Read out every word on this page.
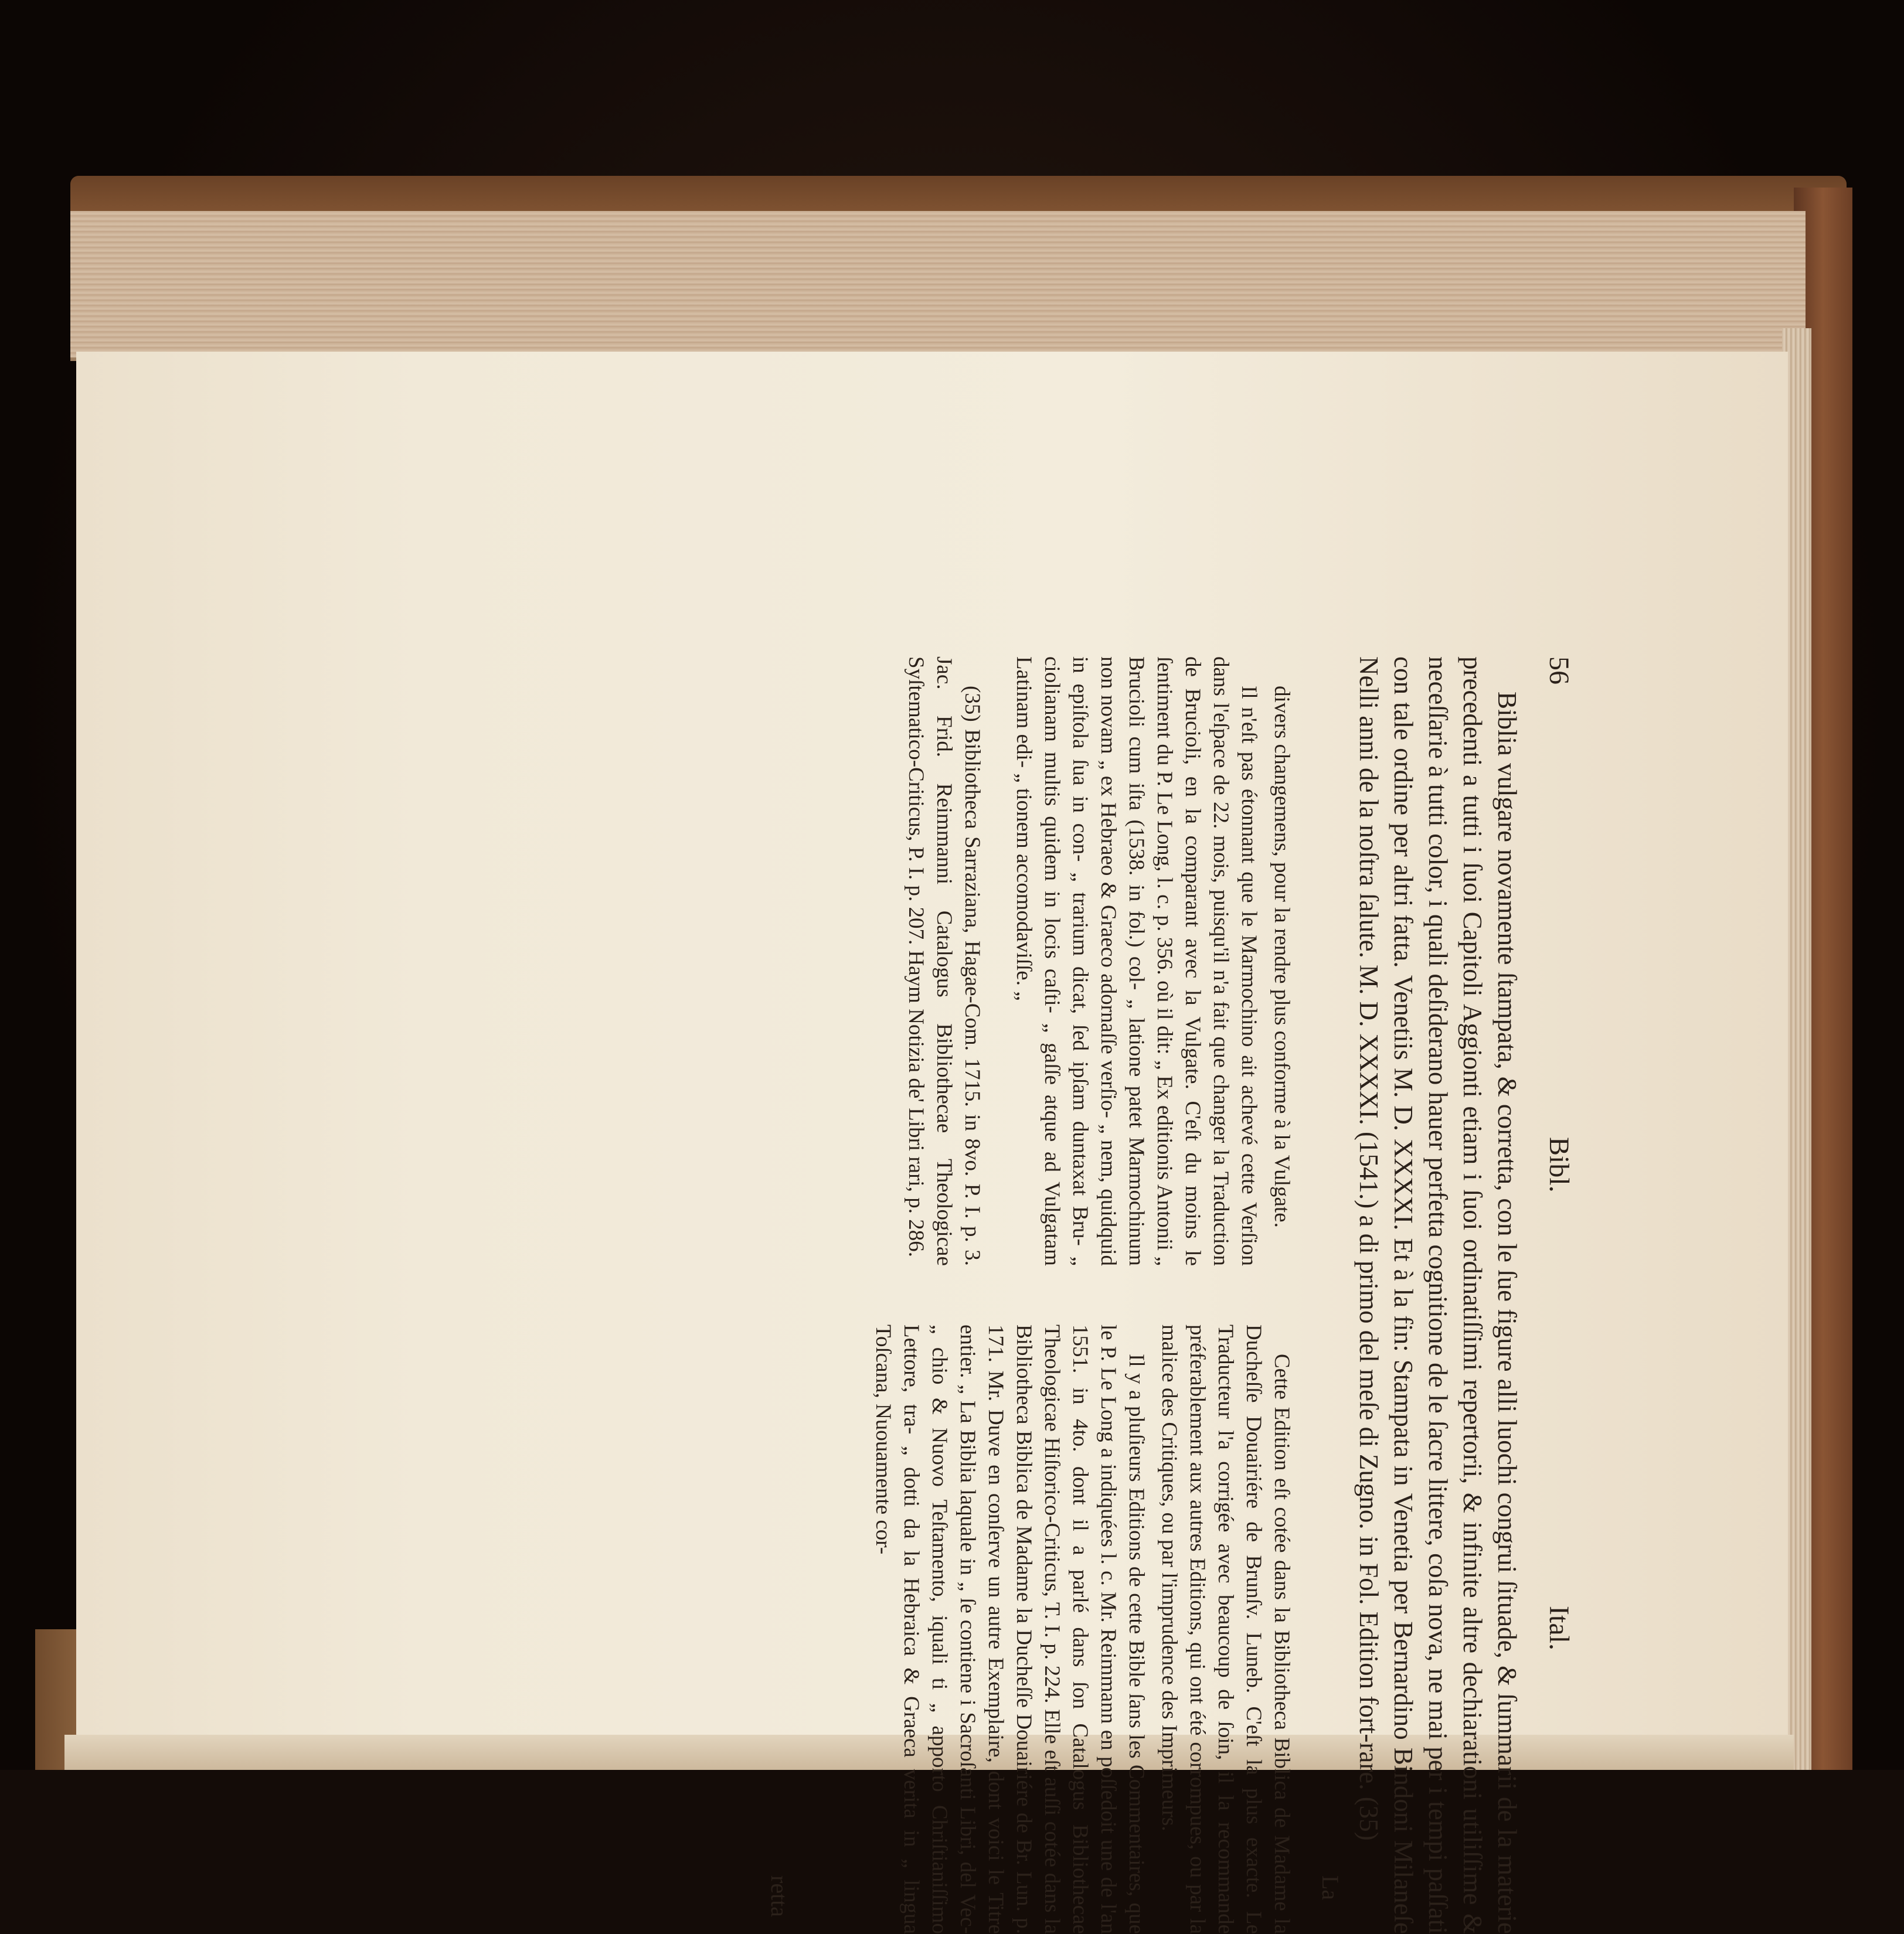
56
Bibl.
Ital.

Biblia vulgare novamente ſtampata, & corretta, con le ſue figure alli luochi congrui ſituade, & ſummarii de la materie precedenti a tutti i ſuoi Capitoli Aggionti etiam i ſuoi ordinatiſſimi repertorii, & infinite altre dechiarationi utiliſſime & neceſſarie à tutti color, i quali deſiderano hauer perfetta cognitione de le ſacre littere, coſa nova, ne mai per i tempi paſſati con tale ordine per altri fatta. Venetiis M. D. XXXXI. Et à la fin: Stampata in Venetia per Bernardino Bindoni Milaneſe Nelli anni de la noſtra ſalute. M. D. XXXXI. (1541.) a di primo del meſe di Zugno. in Fol. Edition fort-rare. (35)

divers changemens, pour la rendre plus conforme à la Vulgate.

Il n'eſt pas étonnant que le Marmochino ait achevé cette Verſion dans l'eſpace de 22. mois, puisqu'il n'a fait que changer la Traduction de Brucioli, en la comparant avec la Vulgate. C'eſt du moins le ſentiment du P. Le Long, l. c. p. 356. où il dit: „ Ex editionis Antonii „ Brucioli cum iſta (1538. in fol.) col- „ latione patet Marmochinum non novam „ ex Hebraeo & Graeco adornaſſe verſio- „ nem, quidquid in epiſtola ſua in con- „ trarium dicat, ſed ipſam duntaxat Bru- „ ciolianam multis quidem in locis caſti- „ gaſſe atque ad Vulgatam Latinam edi- „ tionem accomodaviſſe. „

(35) Bibliotheca Sarraziana, Hagae-Com. 1715. in 8vo. P. I. p. 3. Jac. Frid. Reimmanni Catalogus Bibliothecae Theologicae Syſtematico-Criticus, P. I. p. 207. Haym Notizia de' Libri rari, p. 286.

Cette Edition eſt cotée dans la Bibliotheca Biblica de Madame la Ducheſſe Douairiére de Brunſv. Luneb. C'eſt la plus exacte. Le Traducteur l'a corrigée avec beaucoup de ſoin, il la recommande préferablement aux autres Editions, qui ont été corrompues, ou par la malice des Critiques, ou par l'imprudence des Imprimeurs.

Il y a pluſieurs Editions de cette Bible ſans les Commentaires, que le P. Le Long a indiquées l. c. Mr. Reimmann en poſſedoit une de l'an 1551. in 4to. dont il a parlé dans ſon Catalogus Bibliothecae Theologicae Hiſtorico-Criticus, T. I. p. 224. Elle eſt auſſi cotée dans la Bibliotheca Biblica de Madame la Ducheſſe Douairiére de Br. Lun. p. 171. Mr. Duve en conſerve un autre Exemplaire, dont voici le Titre entier. „ La Biblia laquale in „ ſe contiene i Sacroſanti Libri, del Vec- „ chio & Nuovo Teſtamento, iquali ti „ apporto Chriſtianiſſimo Lettore, tra- „ dotti da la Hebraica & Graeca verita in „ lingua Toſcana, Nuouamente cor-

La
retta
